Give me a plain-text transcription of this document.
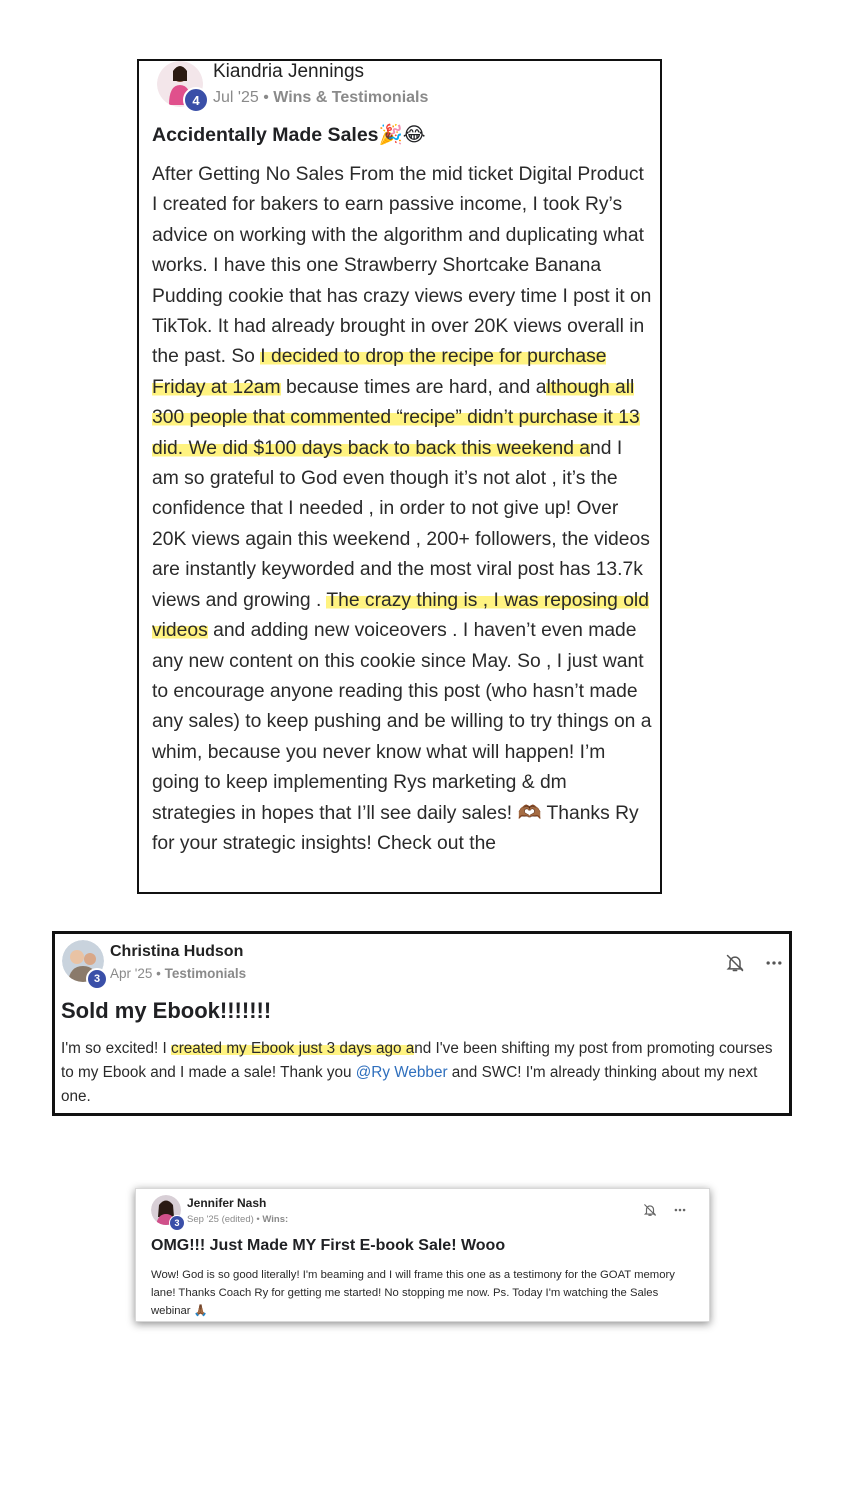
4
Kiandria Jennings
Jul '25 • Wins & Testimonials
Accidentally Made Sales🎉😂
After Getting No Sales From the mid ticket Digital Product I created for bakers to earn passive income, I took Ry’s advice on working with the algorithm and duplicating what works. I have this one Strawberry Shortcake Banana Pudding cookie that has crazy views every time I post it on TikTok. It had already brought in over 20K views overall in the past. So I decided to drop the recipe for purchase Friday at 12am because times are hard, and although all 300 people that commented “recipe” didn’t purchase it 13 did. We did $100 days back to back this weekend and I am so grateful to God even though it’s not alot , it’s the confidence that I needed , in order to not give up! Over 20K views again this weekend , 200+ followers, the videos are instantly keyworded and the most viral post has 13.7k views and growing . The crazy thing is , I was reposing old videos and adding new voiceovers . I haven’t even made any new content on this cookie since May. So , I just want to encourage anyone reading this post (who hasn’t made any sales) to keep pushing and be willing to try things on a whim, because you never know what will happen! I’m going to keep implementing Rys marketing & dm strategies in hopes that I’ll see daily sales! 🫶🏾 Thanks Ry for your strategic insights! Check out the
3
Christina Hudson
Apr '25 • Testimonials
Sold my Ebook!!!!!!!
I'm so excited! I created my Ebook just 3 days ago and I've been shifting my post from promoting courses to my Ebook and I made a sale! Thank you @Ry Webber and SWC! I'm already thinking about my next one.
3
Jennifer Nash
Sep '25 (edited) • Wins:
OMG!!! Just Made MY First E-book Sale! Wooo
Wow! God is so good literally! I'm beaming and I will frame this one as a testimony for the GOAT memory lane! Thanks Coach Ry for getting me started! No stopping me now. Ps. Today I'm watching the Sales webinar 🙏🏾
